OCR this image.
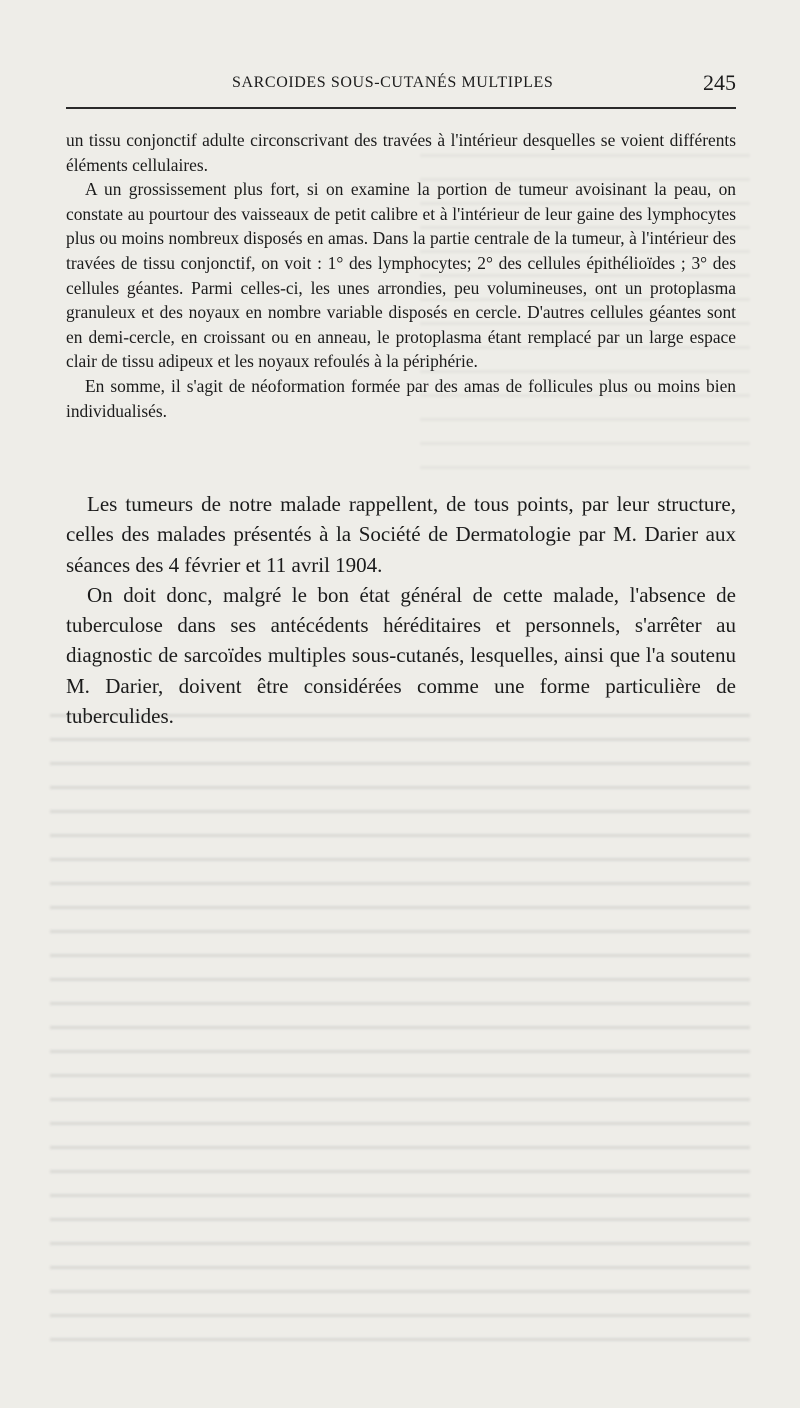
SARCOIDES SOUS-CUTANÉS MULTIPLES	245

un tissu conjonctif adulte circonscrivant des travées à l'intérieur desquelles se voient différents éléments cellulaires.

A un grossissement plus fort, si on examine la portion de tumeur avoisinant la peau, on constate au pourtour des vaisseaux de petit calibre et à l'intérieur de leur gaine des lymphocytes plus ou moins nombreux disposés en amas. Dans la partie centrale de la tumeur, à l'intérieur des travées de tissu conjonctif, on voit : 1° des lymphocytes; 2° des cellules épithélioïdes ; 3° des cellules géantes. Parmi celles-ci, les unes arrondies, peu volumineuses, ont un protoplasma granuleux et des noyaux en nombre variable disposés en cercle. D'autres cellules géantes sont en demi-cercle, en croissant ou en anneau, le protoplasma étant remplacé par un large espace clair de tissu adipeux et les noyaux refoulés à la périphérie.

En somme, il s'agit de néoformation formée par des amas de follicules plus ou moins bien individualisés.

Les tumeurs de notre malade rappellent, de tous points, par leur structure, celles des malades présentés à la Société de Dermatologie par M. Darier aux séances des 4 février et 11 avril 1904.

On doit donc, malgré le bon état général de cette malade, l'absence de tuberculose dans ses antécédents héréditaires et personnels, s'arrêter au diagnostic de sarcoïdes multiples sous-cutanés, lesquelles, ainsi que l'a soutenu M. Darier, doivent être considérées comme une forme particulière de tuberculides.
